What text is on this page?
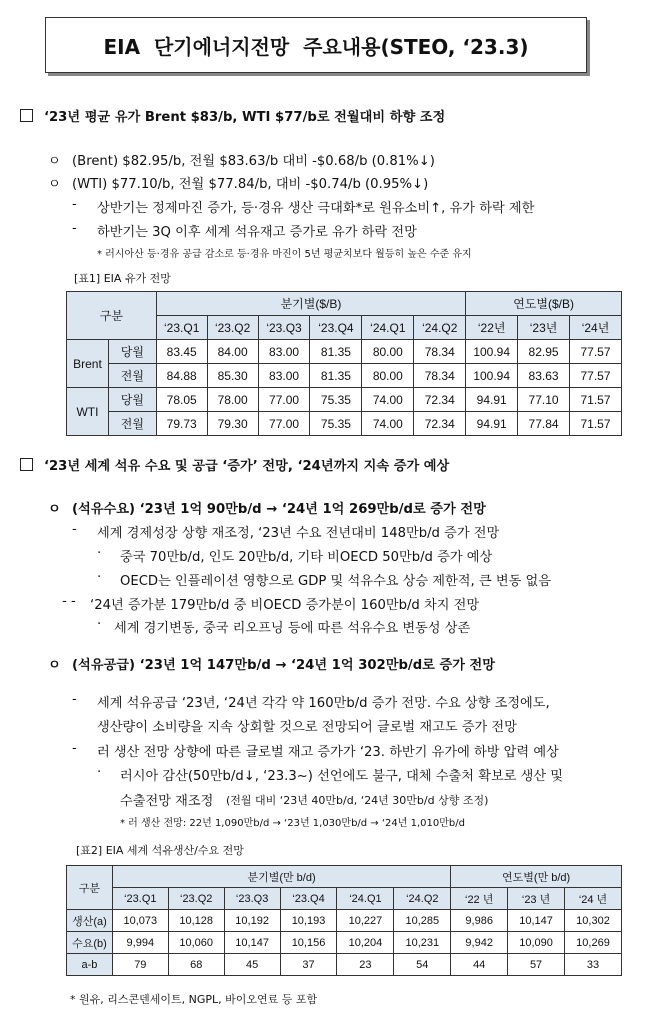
EIA  단기에너지전망  주요내용(STEO, ‘23.3)
‘23년 평균 유가 Brent $83/b, WTI $77/b로 전월대비 하향 조정
ㅇ (Brent) $82.95/b, 전월 $83.63/b 대비 -$0.68/b (0.81%↓)
ㅇ (WTI) $77.10/b, 전월 $77.84/b, 대비 -$0.74/b (0.95%↓)
- 상반기는 정제마진 증가, 등·경유 생산 극대화*로 원유소비↑, 유가 하락 제한
- 하반기는 3Q 이후 세계 석유재고 증가로 유가 하락 전망
* 러시아산 등·경유 공급 감소로 등·경유 마진이 5년 평균치보다 월등히 높은 수준 유지
[표1] EIA 유가 전망
구분		분기별($/B)						연도별($/B)		
		‘23.Q1	‘23.Q2	‘23.Q3	‘23.Q4	‘24.Q1	‘24.Q2	‘22년	‘23년	‘24년
Brent	당월	83.45	84.00	83.00	81.35	80.00	78.34	100.94	82.95	77.57
	전월	84.88	85.30	83.00	81.35	80.00	78.34	100.94	83.63	77.57
WTI	당월	78.05	78.00	77.00	75.35	74.00	72.34	94.91	77.10	71.57
	전월	79.73	79.30	77.00	75.35	74.00	72.34	94.91	77.84	71.57
‘23년 세계 석유 수요 및 공급 ‘증가’ 전망, ‘24년까지 지속 증가 예상
ㅇ (석유수요) ‘23년 1억 90만b/d → ‘24년 1억 269만b/d로 증가 전망
- 세계 경제성장 상향 재조정, ‘23년 수요 전년대비 148만b/d 증가 전망
· 중국 70만b/d, 인도 20만b/d, 기타 비OECD 50만b/d 증가 예상
· OECD는 인플레이션 영향으로 GDP 및 석유수요 상승 제한적, 큰 변동 없음
- - ‘24년 증가분 179만b/d 중 비OECD 증가분이 160만b/d 차지 전망
· 세계 경기변동, 중국 리오프닝 등에 따른 석유수요 변동성 상존
ㅇ (석유공급) ‘23년 1억 147만b/d → ‘24년 1억 302만b/d로 증가 전망
- 세계 석유공급 ‘23년, ‘24년 각각 약 160만b/d 증가 전망. 수요 상향 조정에도,
생산량이 소비량을 지속 상회할 것으로 전망되어 글로벌 재고도 증가 전망
- 러 생산 전망 상향에 따른 글로벌 재고 증가가 ‘23. 하반기 유가에 하방 압력 예상
· 러시아 감산(50만b/d↓, ‘23.3~) 선언에도 불구, 대체 수출처 확보로 생산 및
수출전망 재조정 (전월 대비 ‘23년 40만b/d, ‘24년 30만b/d 상향 조정)
* 러 생산 전망: 22년 1,090만b/d → ‘23년 1,030만b/d → ‘24년 1,010만b/d
[표2] EIA 세계 석유생산/수요 전망
구분	분기별(만 b/d)						연도별(만 b/d)		
	‘23.Q1	‘23.Q2	‘23.Q3	‘23.Q4	‘24.Q1	‘24.Q2	‘22 년	‘23 년	‘24 년
생산(a)	10,073	10,128	10,192	10,193	10,227	10,285	9,986	10,147	10,302
수요(b)	9,994	10,060	10,147	10,156	10,204	10,231	9,942	10,090	10,269
a-b	79	68	45	37	23	54	44	57	33
* 원유, 리스콘덴세이트, NGPL, 바이오연료 등 포함
